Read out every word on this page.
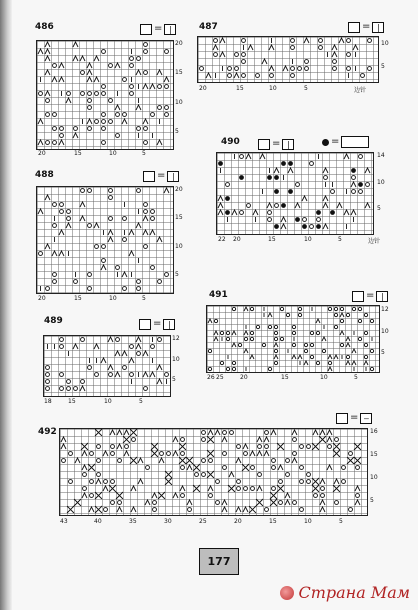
486	= |
20
15
10
5
20	15	10	5
487	= |
10
5
20	15	10	5	边针
490	= |	=
14
10
5
22 20	15	10	5	边针
488	= |
20
15
10
5
20	15	10	5	491	= |
12
10
5
26 25	20	15	10	5
489	= |
12
10
5
18	15	10	5
492
= —
16
15
10
5
43	40	35	30	25	20	15	10	5
177
Страна Мам
